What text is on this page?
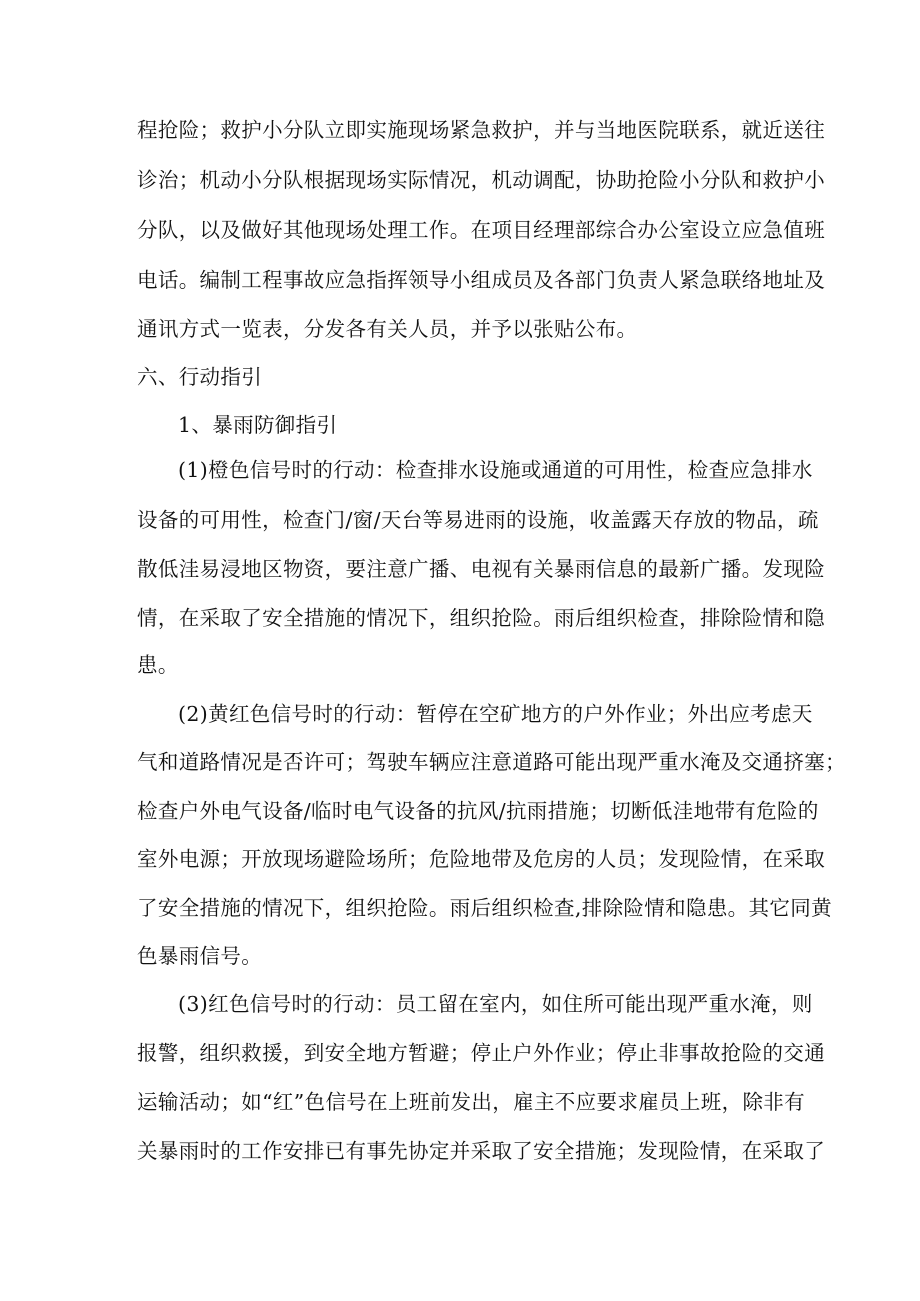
程抢险；救护小分队立即实施现场紧急救护，并与当地医院联系，就近送往
诊治；机动小分队根据现场实际情况，机动调配，协助抢险小分队和救护小
分队，以及做好其他现场处理工作。在项目经理部综合办公室设立应急值班
电话。编制工程事故应急指挥领导小组成员及各部门负责人紧急联络地址及
通讯方式一览表，分发各有关人员，并予以张贴公布。
六、行动指引
1、暴雨防御指引
(1)橙色信号时的行动：检查排水设施或通道的可用性，检查应急排水
设备的可用性，检查门/窗/天台等易进雨的设施，收盖露天存放的物品，疏
散低洼易浸地区物资，要注意广播、电视有关暴雨信息的最新广播。发现险
情，在采取了安全措施的情况下，组织抢险。雨后组织检查，排除险情和隐
患。
(2)黄红色信号时的行动：暂停在空矿地方的户外作业；外出应考虑天
气和道路情况是否许可；驾驶车辆应注意道路可能出现严重水淹及交通挤塞；
检查户外电气设备/临时电气设备的抗风/抗雨措施；切断低洼地带有危险的
室外电源；开放现场避险场所；危险地带及危房的人员；发现险情，在采取
了安全措施的情况下，组织抢险。雨后组织检查,排除险情和隐患。其它同黄
色暴雨信号。
(3)红色信号时的行动：员工留在室内，如住所可能出现严重水淹，则
报警，组织救援，到安全地方暂避；停止户外作业；停止非事故抢险的交通
运输活动；如“红”色信号在上班前发出，雇主不应要求雇员上班，除非有
关暴雨时的工作安排已有事先协定并采取了安全措施；发现险情，在采取了
